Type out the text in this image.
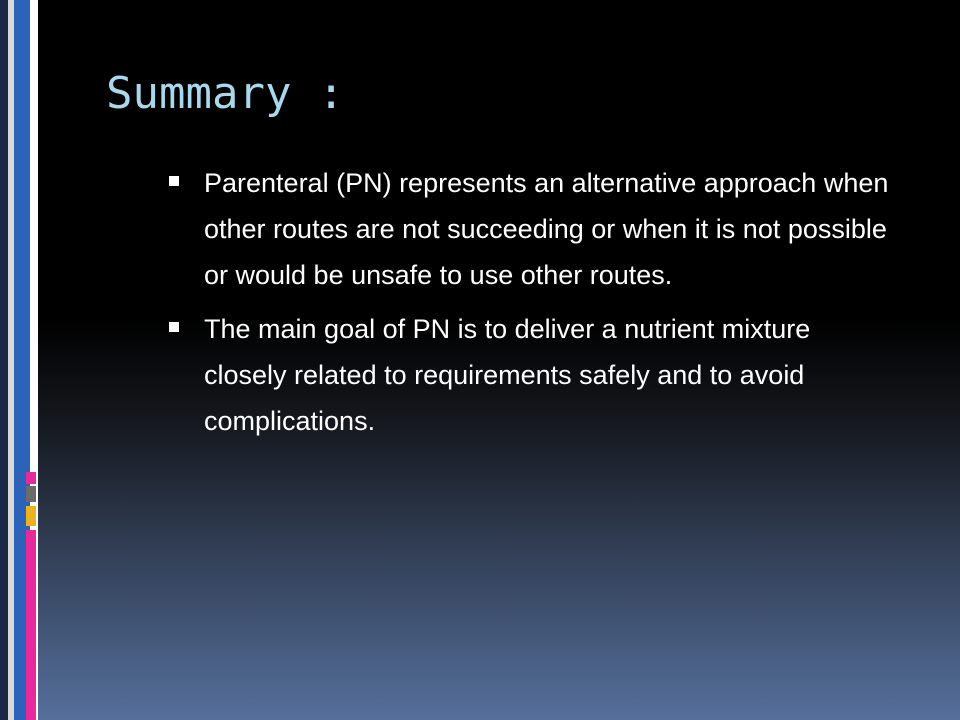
Summary :
Parenteral (PN) represents an alternative approach when other routes are not succeeding or when it is not possible or would be unsafe to use other routes.
The main goal of PN is to deliver a nutrient mixture closely related to requirements safely and to avoid complications.
